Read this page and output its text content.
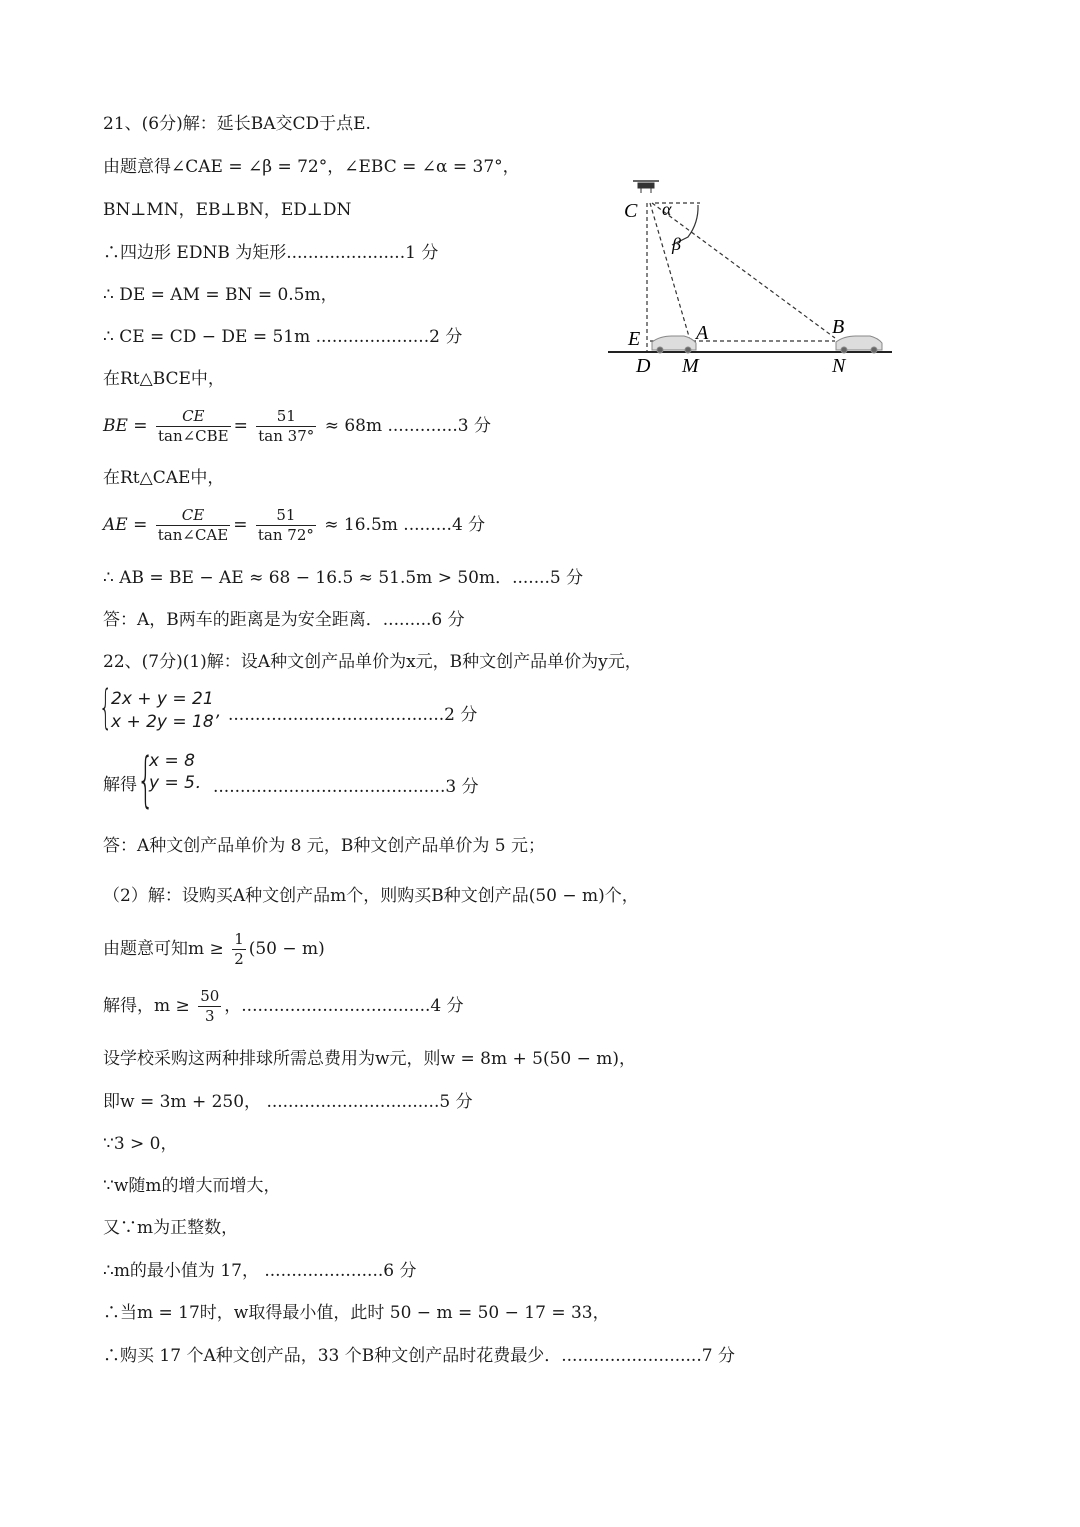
21、(6分)解：延长BA交CD于点E.
由题意得∠CAE = ∠β = 72°，∠EBC = ∠α = 37°，
BN⊥MN，EB⊥BN，ED⊥DN
∴四边形 EDNB 为矩形......................1 分
∴ DE = AM = BN = 0.5m，
∴ CE = CD − DE = 51m .....................2 分
在Rt△BCE中，
BE = $\frac{CE}{\text{tan∠CBE}} = \frac{51}{\tan 37^\circ} \approx 68m$ .............3 分
在Rt△CAE中，
AE = $\frac{CE}{\text{tan∠CAE}} = \frac{51}{\tan 72^\circ} \approx 16.5m$ .........4 分
∴ AB = BE − AE ≈ 68 − 16.5 ≈ 51.5m > 50m．.......5 分
答：A，B两车的距离是为安全距离．.........6 分
C α
β
E	A	B
D M	N
22、(7分)(1)解：设A种文创产品单价为x元，B种文创产品单价为y元，
{
2x + y = 21
x + 2y = 18’ ........................................2 分
解得 {
x = 8
y = 5． ...........................................3 分
答：A种文创产品单价为 8 元，B种文创产品单价为 5 元；
（2）解：设购买A种文创产品m个，则购买B种文创产品(50 − m)个，
由题意可知$m \ge \frac{1}{2} (50 - m)$
解得，$m \ge \frac{50}{3}$ ，...................................4 分
设学校采购这两种排球所需总费用为w元，则w = 8m + 5(50 − m)，
即w = 3m + 250， ................................5 分
∵3 > 0，
∵w随m的增大而增大，
又∵m为正整数，
∴m的最小值为 17， ......................6 分
∴当m = 17时，w取得最小值，此时 50 − m = 50 − 17 = 33，
∴购买 17 个A种文创产品，33 个B种文创产品时花费最少．..........................7 分
